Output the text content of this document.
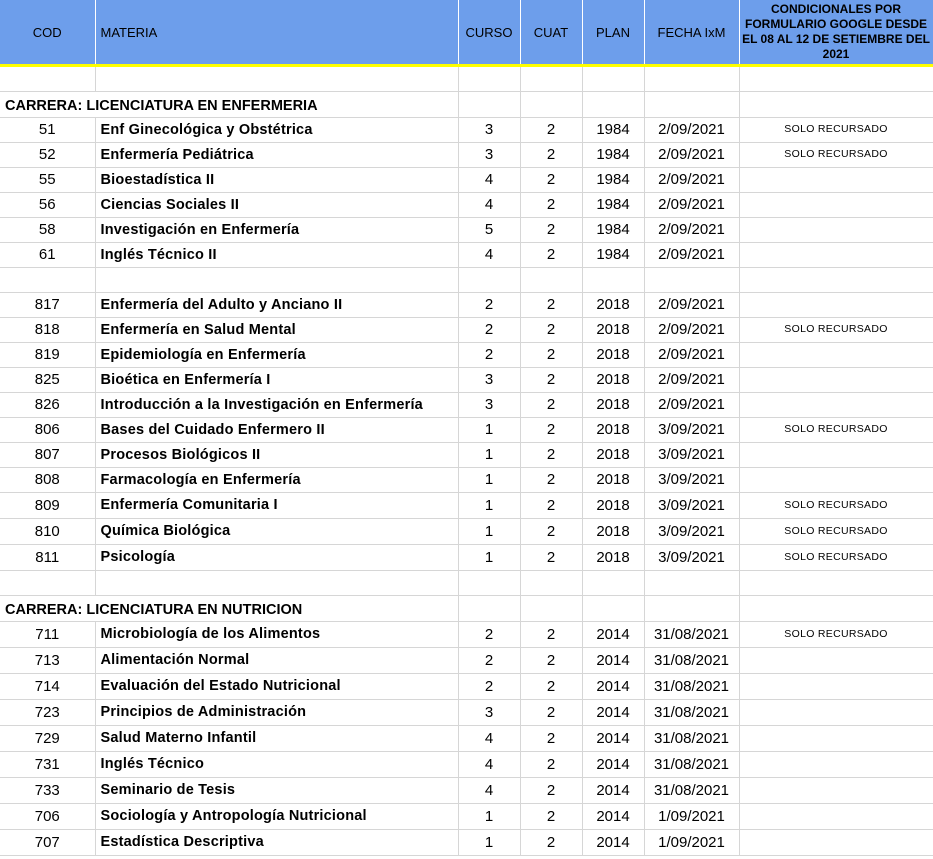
COD	MATERIA	CURSO	CUAT	PLAN	FECHA IxM	CONDICIONALES POR FORMULARIO GOOGLE DESDE EL 08 AL 12 DE SETIEMBRE DEL 2021

CARRERA: LICENCIATURA EN ENFERMERIA						
51	Enf Ginecológica y Obstétrica	3	2	1984	2/09/2021	SOLO RECURSADO
52	Enfermería Pediátrica	3	2	1984	2/09/2021	SOLO RECURSADO
55	Bioestadística II	4	2	1984	2/09/2021	
56	Ciencias Sociales II	4	2	1984	2/09/2021	
58	Investigación en Enfermería	5	2	1984	2/09/2021	
61	Inglés Técnico II	4	2	1984	2/09/2021	

817	Enfermería del Adulto y Anciano II	2	2	2018	2/09/2021	
818	Enfermería en Salud Mental	2	2	2018	2/09/2021	SOLO RECURSADO
819	Epidemiología en Enfermería	2	2	2018	2/09/2021	
825	Bioética en Enfermería I	3	2	2018	2/09/2021	
826	Introducción a la Investigación en Enfermería	3	2	2018	2/09/2021	
806	Bases del Cuidado Enfermero II	1	2	2018	3/09/2021	SOLO RECURSADO
807	Procesos Biológicos II	1	2	2018	3/09/2021	
808	Farmacología en Enfermería	1	2	2018	3/09/2021	
809	Enfermería Comunitaria I	1	2	2018	3/09/2021	SOLO RECURSADO
810	Química Biológica	1	2	2018	3/09/2021	SOLO RECURSADO
811	Psicología	1	2	2018	3/09/2021	SOLO RECURSADO

CARRERA: LICENCIATURA EN NUTRICION						
711	Microbiología de los Alimentos	2	2	2014	31/08/2021	SOLO RECURSADO
713	Alimentación Normal	2	2	2014	31/08/2021	
714	Evaluación del Estado Nutricional	2	2	2014	31/08/2021	
723	Principios de Administración	3	2	2014	31/08/2021	
729	Salud Materno Infantil	4	2	2014	31/08/2021	
731	Inglés Técnico	4	2	2014	31/08/2021	
733	Seminario de Tesis	4	2	2014	31/08/2021	
706	Sociología y Antropología Nutricional	1	2	2014	1/09/2021	
707	Estadística Descriptiva	1	2	2014	1/09/2021	
